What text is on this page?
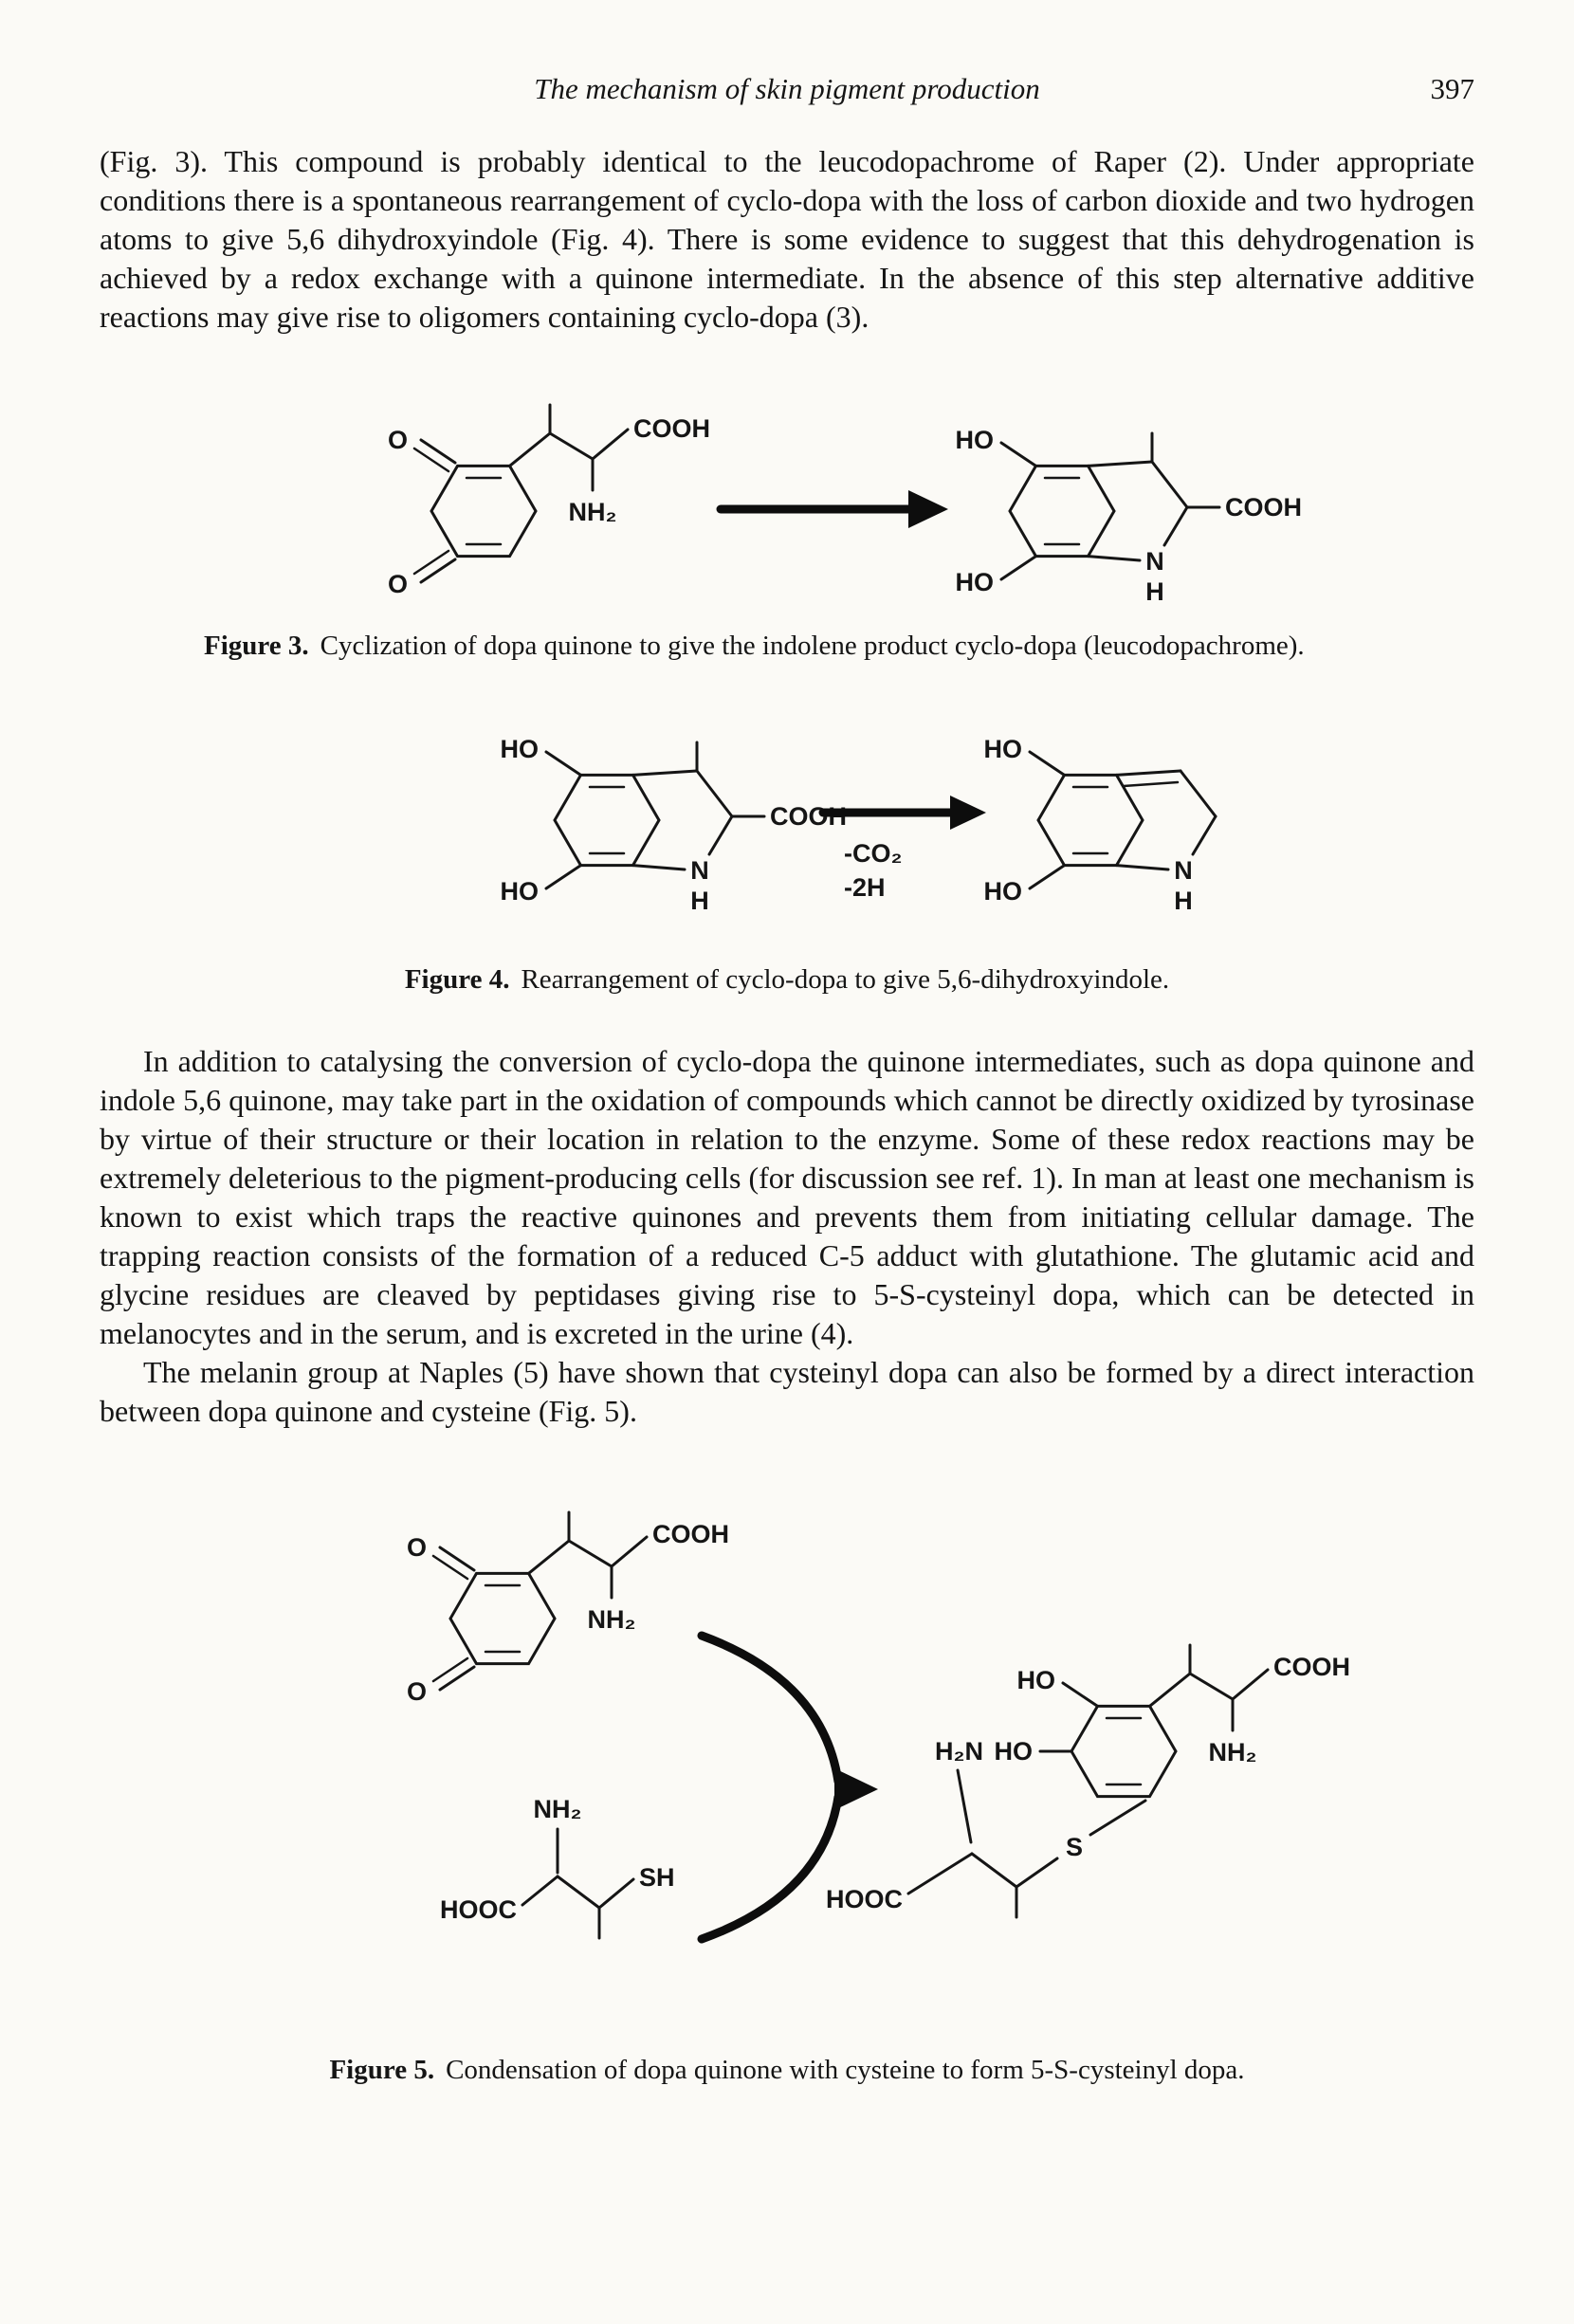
The mechanism of skin pigment production	397

(Fig. 3). This compound is probably identical to the leucodopachrome of Raper (2). Under appropriate conditions there is a spontaneous rearrangement of cyclo-dopa with the loss of carbon dioxide and two hydrogen atoms to give 5,6 dihydroxyindole (Fig. 4). There is some evidence to suggest that this dehydrogenation is achieved by a redox exchange with a quinone intermediate. In the absence of this step alternative additive reactions may give rise to oligomers containing cyclo-dopa (3).

O
O
NH₂
COOH	HO
HO
COOH
N
H

Figure 3. Cyclization of dopa quinone to give the indolene product cyclo-dopa (leucodopachrome).

HO
HO
COOH
N
H
-CO₂
-2H
HO
HO
N
H

Figure 4. Rearrangement of cyclo-dopa to give 5,6-dihydroxyindole.

In addition to catalysing the conversion of cyclo-dopa the quinone intermediates, such as dopa quinone and indole 5,6 quinone, may take part in the oxidation of compounds which cannot be directly oxidized by tyrosinase by virtue of their structure or their location in relation to the enzyme. Some of these redox reactions may be extremely deleterious to the pigment-producing cells (for discussion see ref. 1). In man at least one mechanism is known to exist which traps the reactive quinones and prevents them from initiating cellular damage. The trapping reaction consists of the formation of a reduced C-5 adduct with glutathione. The glutamic acid and glycine residues are cleaved by peptidases giving rise to 5-S-cysteinyl dopa, which can be detected in melanocytes and in the serum, and is excreted in the urine (4).

The melanin group at Naples (5) have shown that cysteinyl dopa can also be formed by a direct interaction between dopa quinone and cysteine (Fig. 5).

O
O
NH₂
COOH
NH₂
HOOC
SH
HO
NH₂
COOH
HO
H₂N
HOOC
S

Figure 5. Condensation of dopa quinone with cysteine to form 5-S-cysteinyl dopa.
